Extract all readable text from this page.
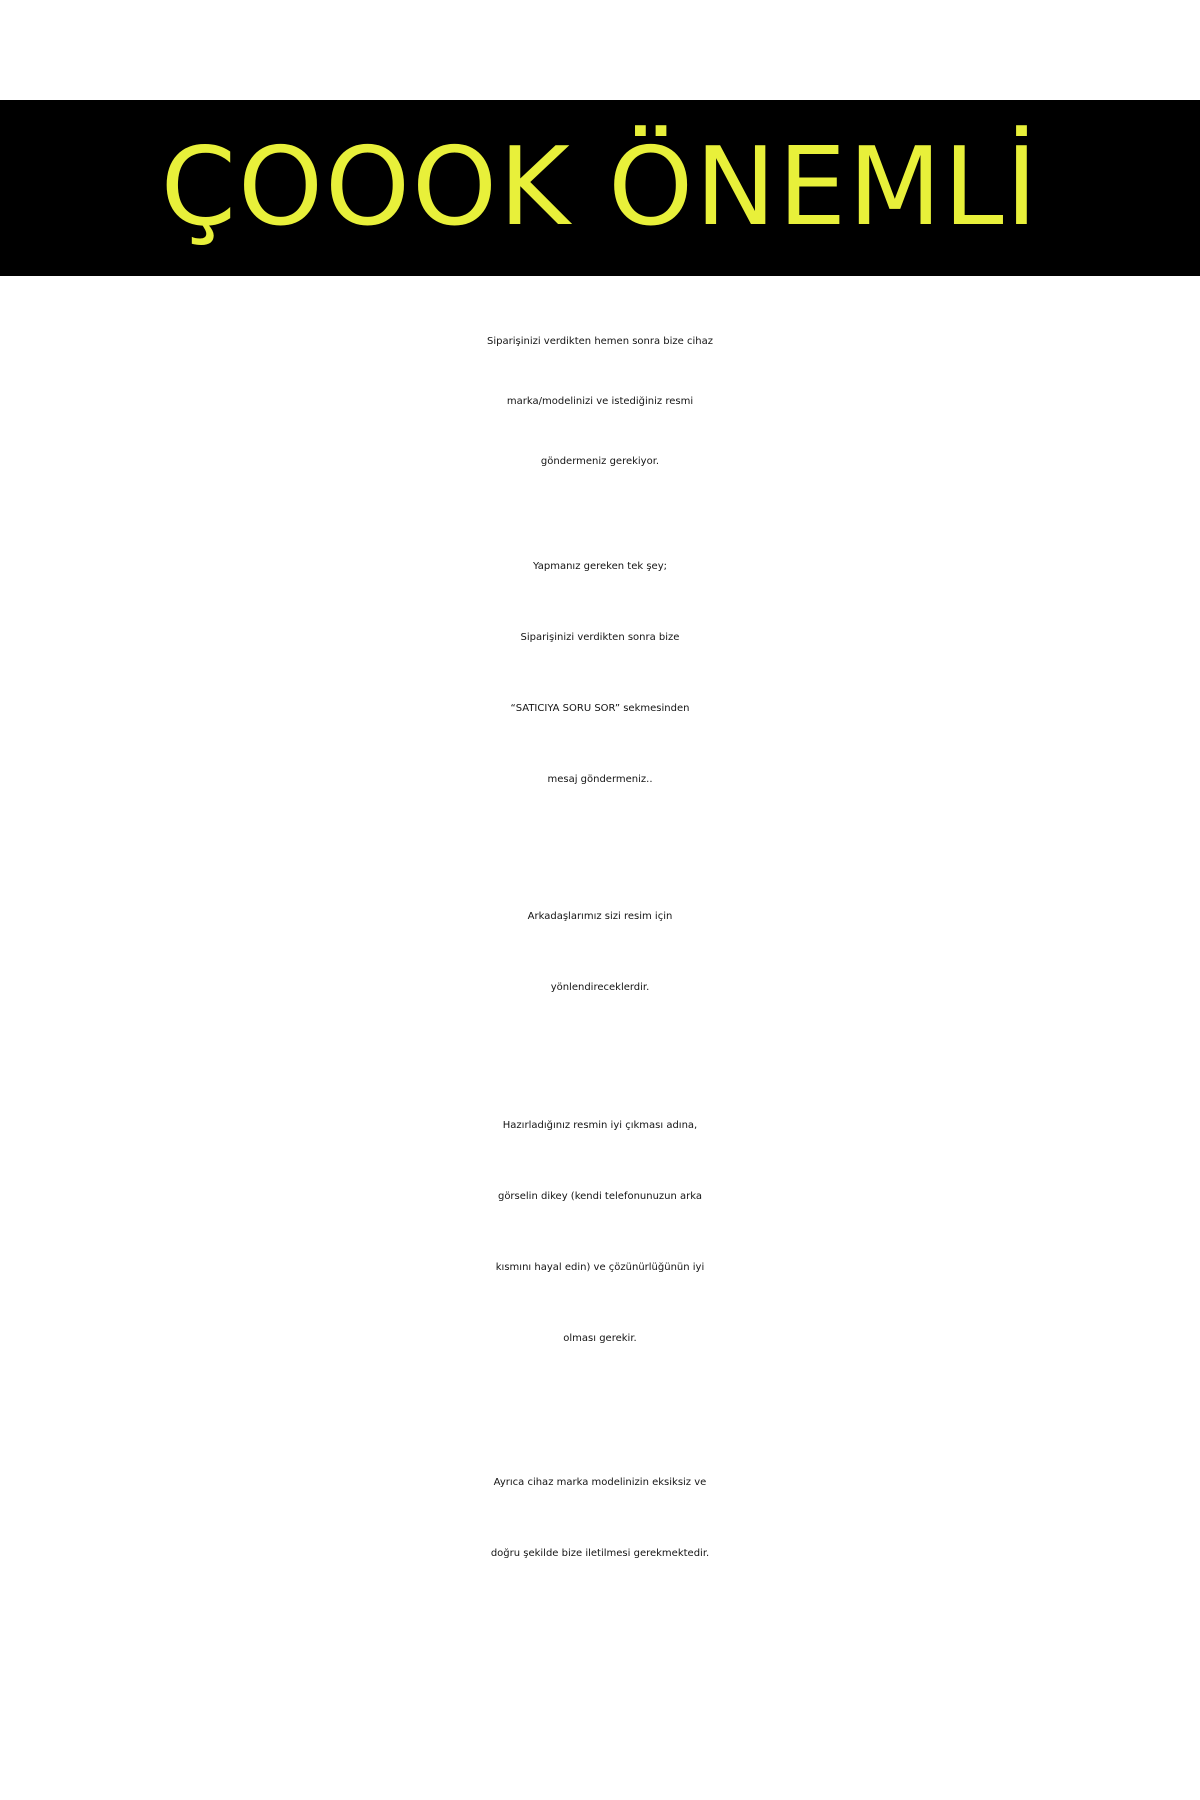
ÇOOOK ÖNEMLİ

Siparişinizi verdikten hemen sonra bize cihaz
marka/modelinizi ve istediğiniz resmi
göndermeniz gerekiyor.

Yapmanız gereken tek şey;
Siparişinizi verdikten sonra bize
“SATICIYA SORU SOR” sekmesinden
mesaj göndermeniz..

Arkadaşlarımız sizi resim için
yönlendireceklerdir.

Hazırladığınız resmin iyi çıkması adına,
görselin dikey (kendi telefonunuzun arka
kısmını hayal edin) ve çözünürlüğünün iyi
olması gerekir.

Ayrıca cihaz marka modelinizin eksiksiz ve
doğru şekilde bize iletilmesi gerekmektedir.
